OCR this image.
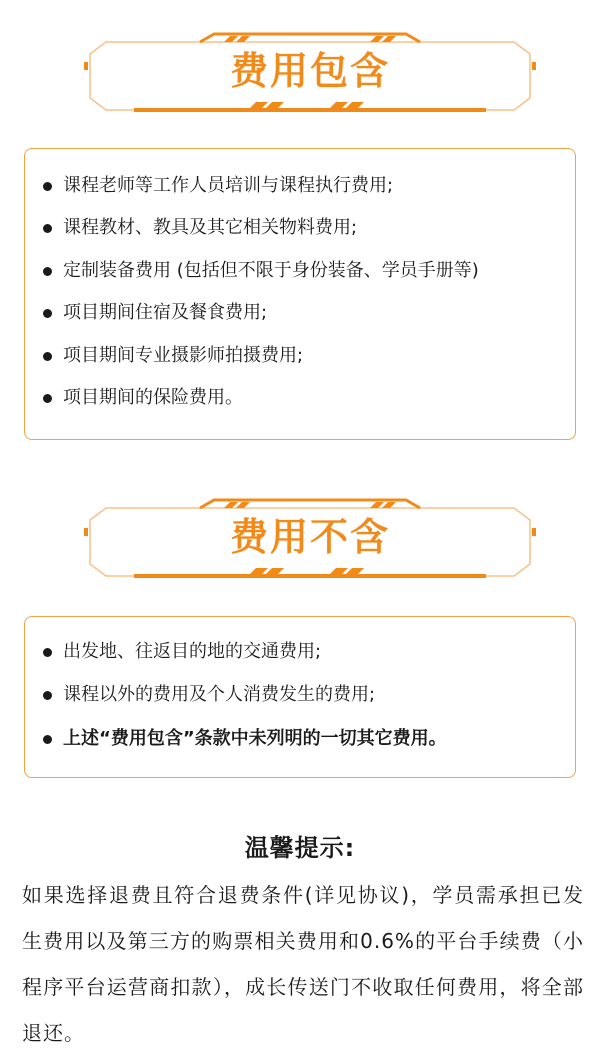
费用包含
课程老师等工作人员培训与课程执行费用;
课程教材、教具及其它相关物料费用;
定制装备费用 (包括但不限于身份装备、学员手册等)
项目期间住宿及餐食费用;
项目期间专业摄影师拍摄费用;
项目期间的保险费用。
费用不含
出发地、往返目的地的交通费用;
课程以外的费用及个人消费发生的费用;
上述“费用包含”条款中未列明的一切其它费用。
温馨提示:
如果选择退费且符合退费条件(详见协议)，学员需承担已发生费用以及第三方的购票相关费用和0.6%的平台手续费（小程序平台运营商扣款），成长传送门不收取任何费用，将全部退还。
